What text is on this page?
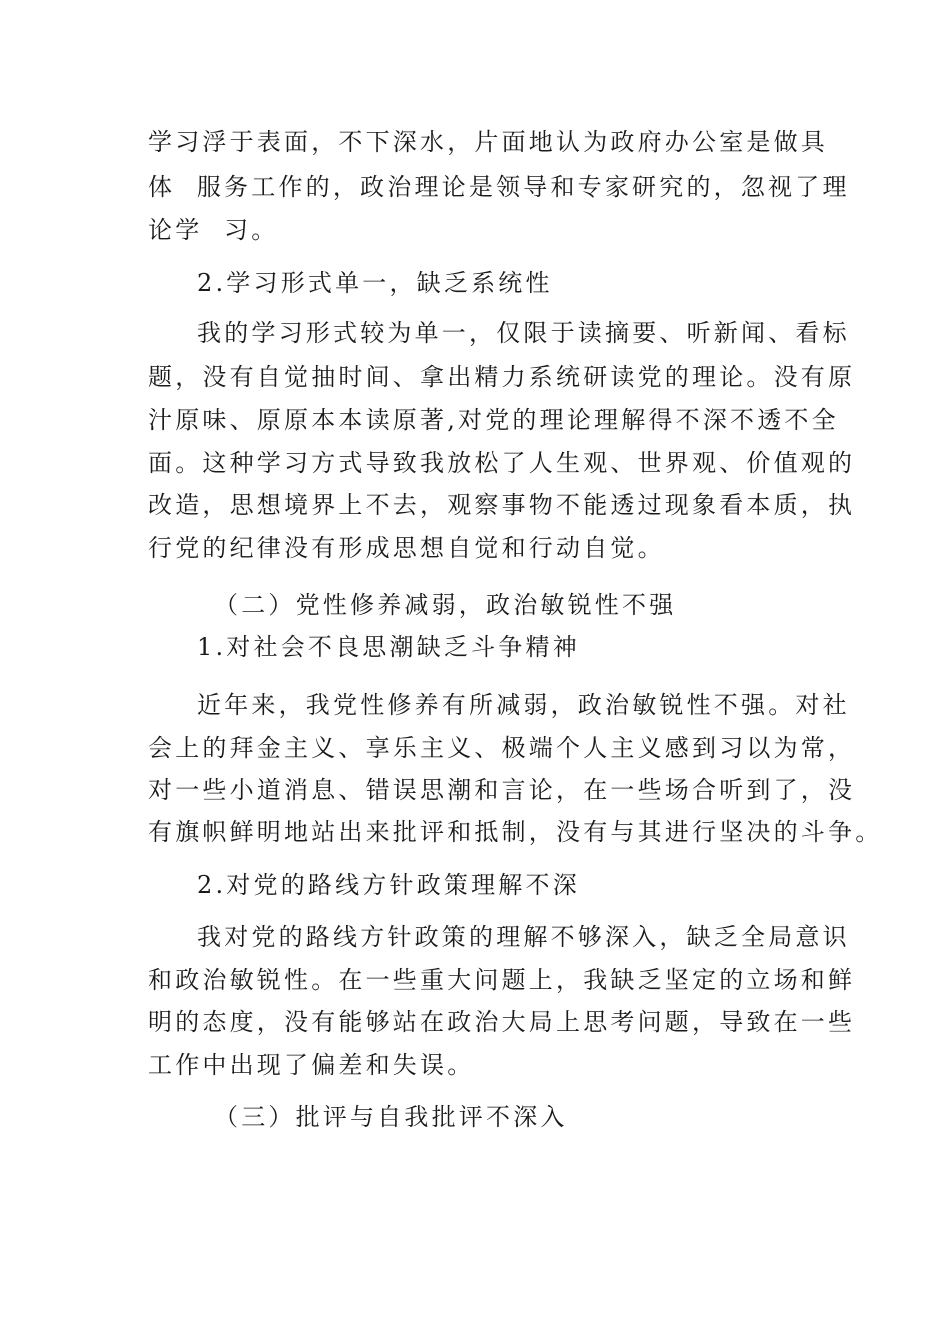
学习浮于表面，不下深水，片面地认为政府办公室是做具
体  服务工作的，政治理论是领导和专家研究的，忽视了理
论学  习。
2.学习形式单一，缺乏系统性
我的学习形式较为单一，仅限于读摘要、听新闻、看标
题，没有自觉抽时间、拿出精力系统研读党的理论。没有原
汁原味、原原本本读原著,对党的理论理解得不深不透不全
面。这种学习方式导致我放松了人生观、世界观、价值观的
改造，思想境界上不去，观察事物不能透过现象看本质，执
行党的纪律没有形成思想自觉和行动自觉。
（二）党性修养减弱，政治敏锐性不强
1.对社会不良思潮缺乏斗争精神
近年来，我党性修养有所减弱，政治敏锐性不强。对社
会上的拜金主义、享乐主义、极端个人主义感到习以为常，
对一些小道消息、错误思潮和言论，在一些场合听到了，没
有旗帜鲜明地站出来批评和抵制，没有与其进行坚决的斗争。
2.对党的路线方针政策理解不深
我对党的路线方针政策的理解不够深入，缺乏全局意识
和政治敏锐性。在一些重大问题上，我缺乏坚定的立场和鲜
明的态度，没有能够站在政治大局上思考问题，导致在一些
工作中出现了偏差和失误。
（三）批评与自我批评不深入
